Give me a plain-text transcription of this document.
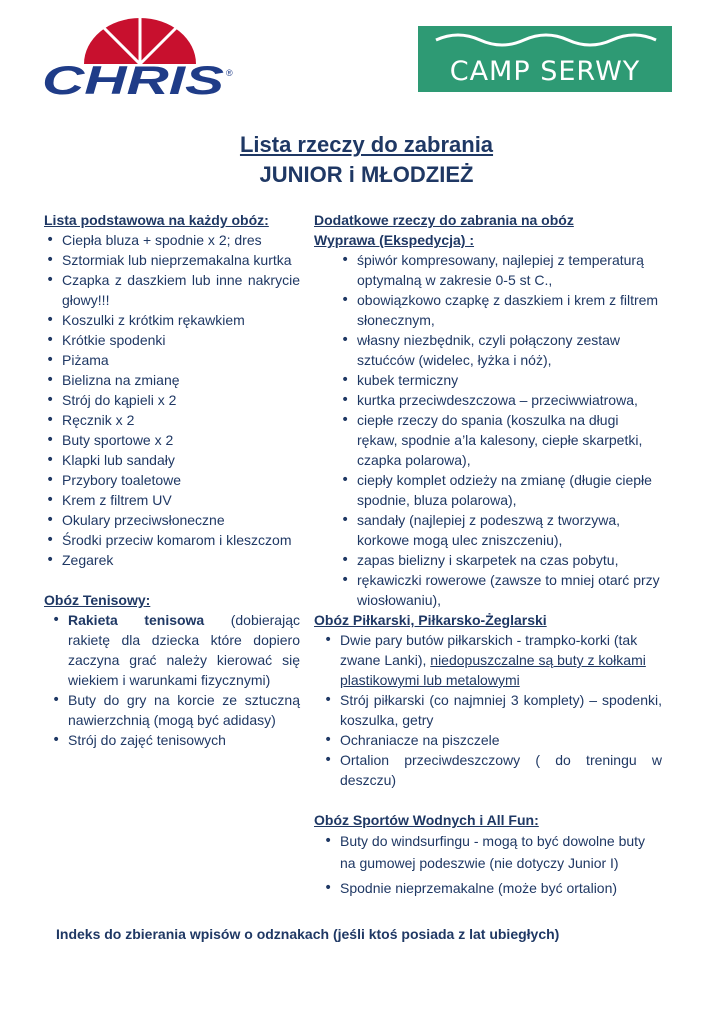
CHRIS ®	CAMP SERWY
Lista rzeczy do zabrania
JUNIOR i MŁODZIEŻ
Lista podstawowa na każdy obóz:
• Ciepła bluza + spodnie x 2; dres
• Sztormiak lub nieprzemakalna kurtka
• Czapka z daszkiem lub inne nakrycie głowy!!!
• Koszulki z krótkim rękawkiem
• Krótkie spodenki
• Piżama
• Bielizna na zmianę
• Strój do kąpieli x 2
• Ręcznik x 2
• Buty sportowe x 2
• Klapki lub sandały
• Przybory toaletowe
• Krem z filtrem UV
• Okulary przeciwsłoneczne
• Środki przeciw komarom i kleszczom
• Zegarek
Obóz Tenisowy:
• Rakieta tenisowa (dobierając rakietę dla dziecka które dopiero zaczyna grać należy kierować się wiekiem i warunkami fizycznymi)
• Buty do gry na korcie ze sztuczną nawierzchnią (mogą być adidasy)
• Strój do zajęć tenisowych
Dodatkowe rzeczy do zabrania na obóz
Wyprawa (Ekspedycja) :
• śpiwór kompresowany, najlepiej z temperaturą optymalną w zakresie 0-5 st C.,
• obowiązkowo czapkę z daszkiem i krem z filtrem słonecznym,
• własny niezbędnik, czyli połączony zestaw sztućców (widelec, łyżka i nóż),
• kubek termiczny
• kurtka przeciwdeszczowa – przeciwwiatrowa,
• ciepłe rzeczy do spania (koszulka na długi rękaw, spodnie a’la kalesony, ciepłe skarpetki, czapka polarowa),
• ciepły komplet odzieży na zmianę (długie ciepłe spodnie, bluza polarowa),
• sandały (najlepiej z podeszwą z tworzywa, korkowe mogą ulec zniszczeniu),
• zapas bielizny i skarpetek na czas pobytu,
• rękawiczki rowerowe (zawsze to mniej otarć przy wiosłowaniu),
Obóz Piłkarski, Piłkarsko-Żeglarski
• Dwie pary butów piłkarskich - trampko-korki (tak zwane Lanki), niedopuszczalne są buty z kołkami plastikowymi lub metalowymi
• Strój piłkarski (co najmniej 3 komplety) – spodenki, koszulka, getry
• Ochraniacze na piszczele
• Ortalion przeciwdeszczowy ( do treningu w deszczu)
Obóz Sportów Wodnych i All Fun:
• Buty do windsurfingu - mogą to być dowolne buty na gumowej podeszwie (nie dotyczy Junior I)
• Spodnie nieprzemakalne (może być ortalion)
Indeks do zbierania wpisów o odznakach (jeśli ktoś posiada z lat ubiegłych)
